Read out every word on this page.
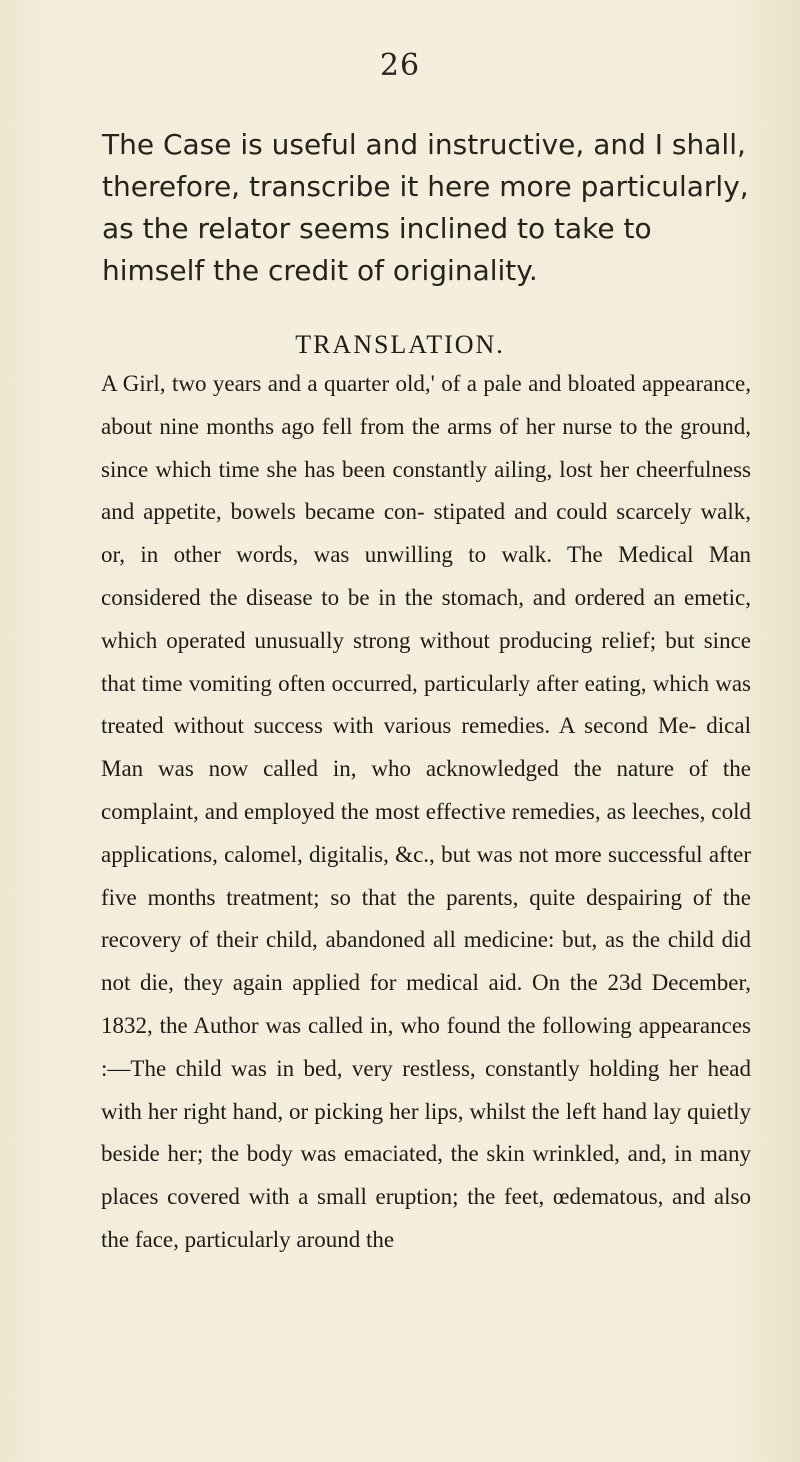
26

The Case is useful and instructive, and I shall, therefore, transcribe it here more particularly, as the relator seems inclined to take to himself the credit of originality.

TRANSLATION.

A Girl, two years and a quarter old,' of a pale and bloated appearance, about nine months ago fell from the arms of her nurse to the ground, since which time she has been constantly ailing, lost her cheerfulness and appetite, bowels became con- stipated and could scarcely walk, or, in other words, was unwilling to walk. The Medical Man considered the disease to be in the stomach, and ordered an emetic, which operated unusually strong without producing relief; but since that time vomiting often occurred, particularly after eating, which was treated without success with various remedies. A second Me- dical Man was now called in, who acknowledged the nature of the complaint, and employed the most effective remedies, as leeches, cold applications, calomel, digitalis, &c., but was not more successful after five months treatment; so that the parents, quite despairing of the recovery of their child, abandoned all medicine: but, as the child did not die, they again applied for medical aid. On the 23d December, 1832, the Author was called in, who found the following appearances :—The child was in bed, very restless, constantly holding her head with her right hand, or picking her lips, whilst the left hand lay quietly beside her; the body was emaciated, the skin wrinkled, and, in many places covered with a small eruption; the feet, œdematous, and also the face, particularly around the
